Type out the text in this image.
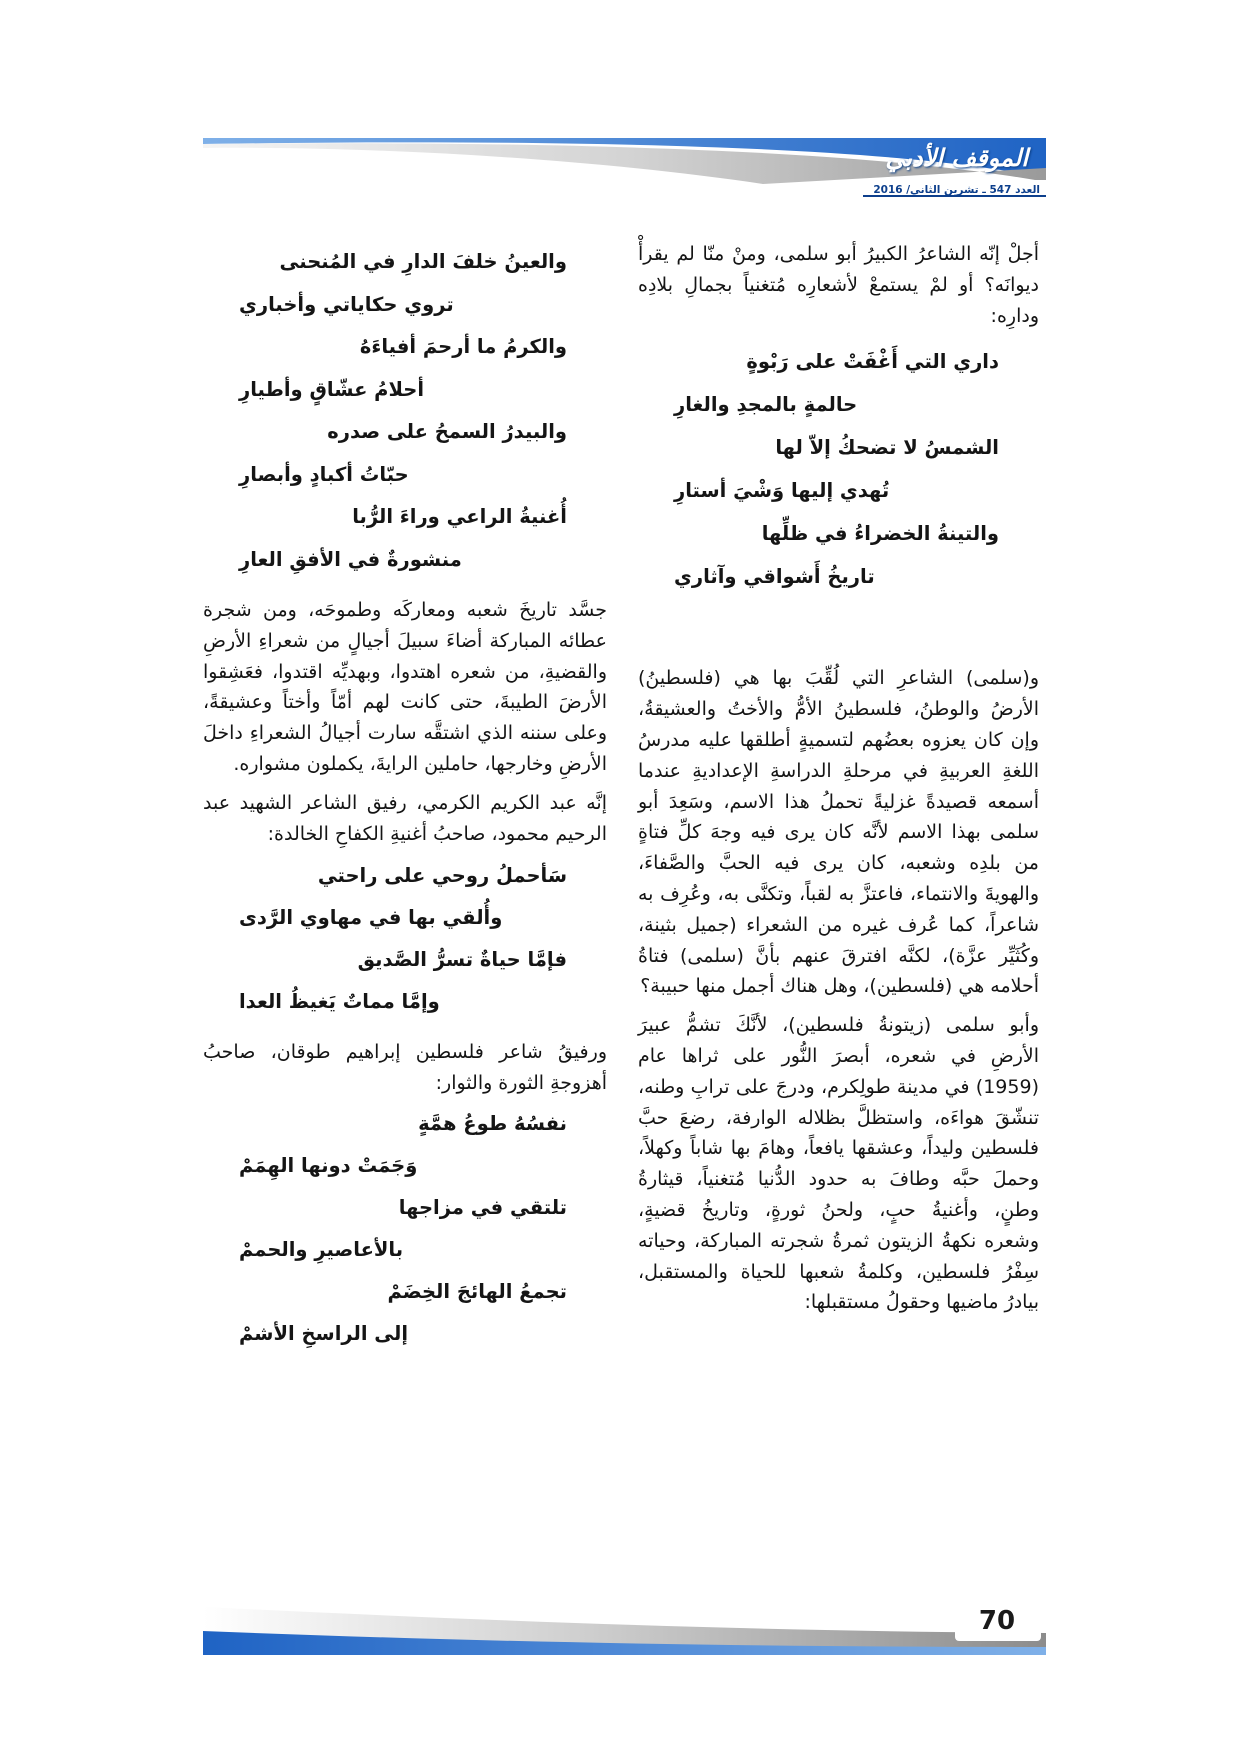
الموقف الأدبي
العدد 547 ـ تشرين الثاني/ 2016

أجلْ إنّه الشاعرُ الكبيرُ أبو سلمى، ومنْ منّا لم يقرأْ ديوانَه؟ أو لمْ يستمعْ لأشعارِه مُتغنياً بجمالِ بلادِه ودارِه:

داري التي أَغْفَتْ على رَبْوةٍ
حالمةٍ بالمجدِ والغارِ
الشمسُ لا تضحكُ إلاّ لها
تُهدي إليها وَشْيَ أستارِ
والتينةُ الخضراءُ في ظلِّها
تاريخُ أَشواقي وآثاري

و(سلمى) الشاعرِ التي لُقِّبَ بها هي (فلسطينُ) الأرضُ والوطنُ، فلسطينُ الأمُّ والأختُ والعشيقةُ، وإن كان يعزوه بعضُهم لتسميةٍ أطلقها عليه مدرسُ اللغةِ العربيةِ في مرحلةِ الدراسةِ الإعداديةِ عندما أسمعه قصيدةً غزليةً تحملُ هذا الاسم، وسَعِدَ أبو سلمى بهذا الاسم لأنَّه كان يرى فيه وجهَ كلِّ فتاةٍ من بلدِه وشعبه، كان يرى فيه الحبَّ والصَّفاءَ، والهويةَ والانتماء، فاعتزَّ به لقباً، وتكنَّى به، وعُرِف به شاعراً، كما عُرف غيره من الشعراء (جميل بثينة، وكُثَيِّر عزَّة)، لكنَّه افترقَ عنهم بأنَّ (سلمى) فتاةُ أحلامه هي (فلسطين)، وهل هناك أجمل منها حبيبة؟

وأبو سلمى (زيتونةُ فلسطين)، لأنَّكَ تشمُّ عبيرَ الأرضِ في شعره، أبصرَ النُّور على ثراها عام (1959) في مدينة طولِكرم، ودرجَ على ترابِ وطنه، تنشّقَ هواءَه، واستظلَّ بظلاله الوارفة، رضعَ حبَّ فلسطين وليداً، وعشقها يافعاً، وهامَ بها شاباً وكهلاً، وحملَ حبَّه وطافَ به حدود الدُّنيا مُتغنياً، قيثارةُ وطنٍ، وأغنيةُ حبٍ، ولحنُ ثورةٍ، وتاريخُ قضيةٍ، وشعره نكهةُ الزيتون ثمرةُ شجرته المباركة، وحياته سِفْرُ فلسطين، وكلمةُ شعبها للحياة والمستقبل، بيادرُ ماضيها وحقولُ مستقبلها:

والعينُ خلفَ الدارِ في المُنحنى
تروي حكاياتي وأخباري
والكرمُ ما أرحمَ أفياءَهُ
أحلامُ عشّاقٍ وأطيارِ
والبيدرُ السمحُ على صدره
حبّاتُ أكبادٍ وأبصارِ
أُغنيةُ الراعي وراءَ الرُّبا
منشورةٌ في الأفقِ العارِ

جسَّد تاريخَ شعبه ومعاركَه وطموحَه، ومن شجرة عطائه المباركة أضاءَ سبيلَ أجيالٍ من شعراءِ الأرضِ والقضيةِ، من شعره اهتدوا، وبهديِّه اقتدوا، فعَشِقوا الأرضَ الطيبةَ، حتى كانت لهم أمّاً وأختاً وعشيقةً، وعلى سننه الذي اشتقَّه سارت أجيالُ الشعراءِ داخلَ الأرضِ وخارجها، حاملين الرايةَ، يكملون مشواره.

إنَّه عبد الكريم الكرمي، رفيق الشاعر الشهيد عبد الرحيم محمود، صاحبُ أغنيةِ الكفاحِ الخالدة:

سَأحملُ روحي على راحتي
وأُلقي بها في مهاوي الرَّدى
فإمَّا حياةٌ تسرُّ الصَّديق
وإمَّا مماتٌ يَغيظُ العدا

ورفيقُ شاعر فلسطين إبراهيم طوقان، صاحبُ أهزوجةِ الثورة والثوار:

نفسُهُ طوعُ همَّةٍ
وَجَمَتْ دونها الهِمَمْ
تلتقي في مزاجها
بالأعاصيرِ والحممْ
تجمعُ الهائجَ الخِضَمْ
إلى الراسخِ الأشمْ
70
